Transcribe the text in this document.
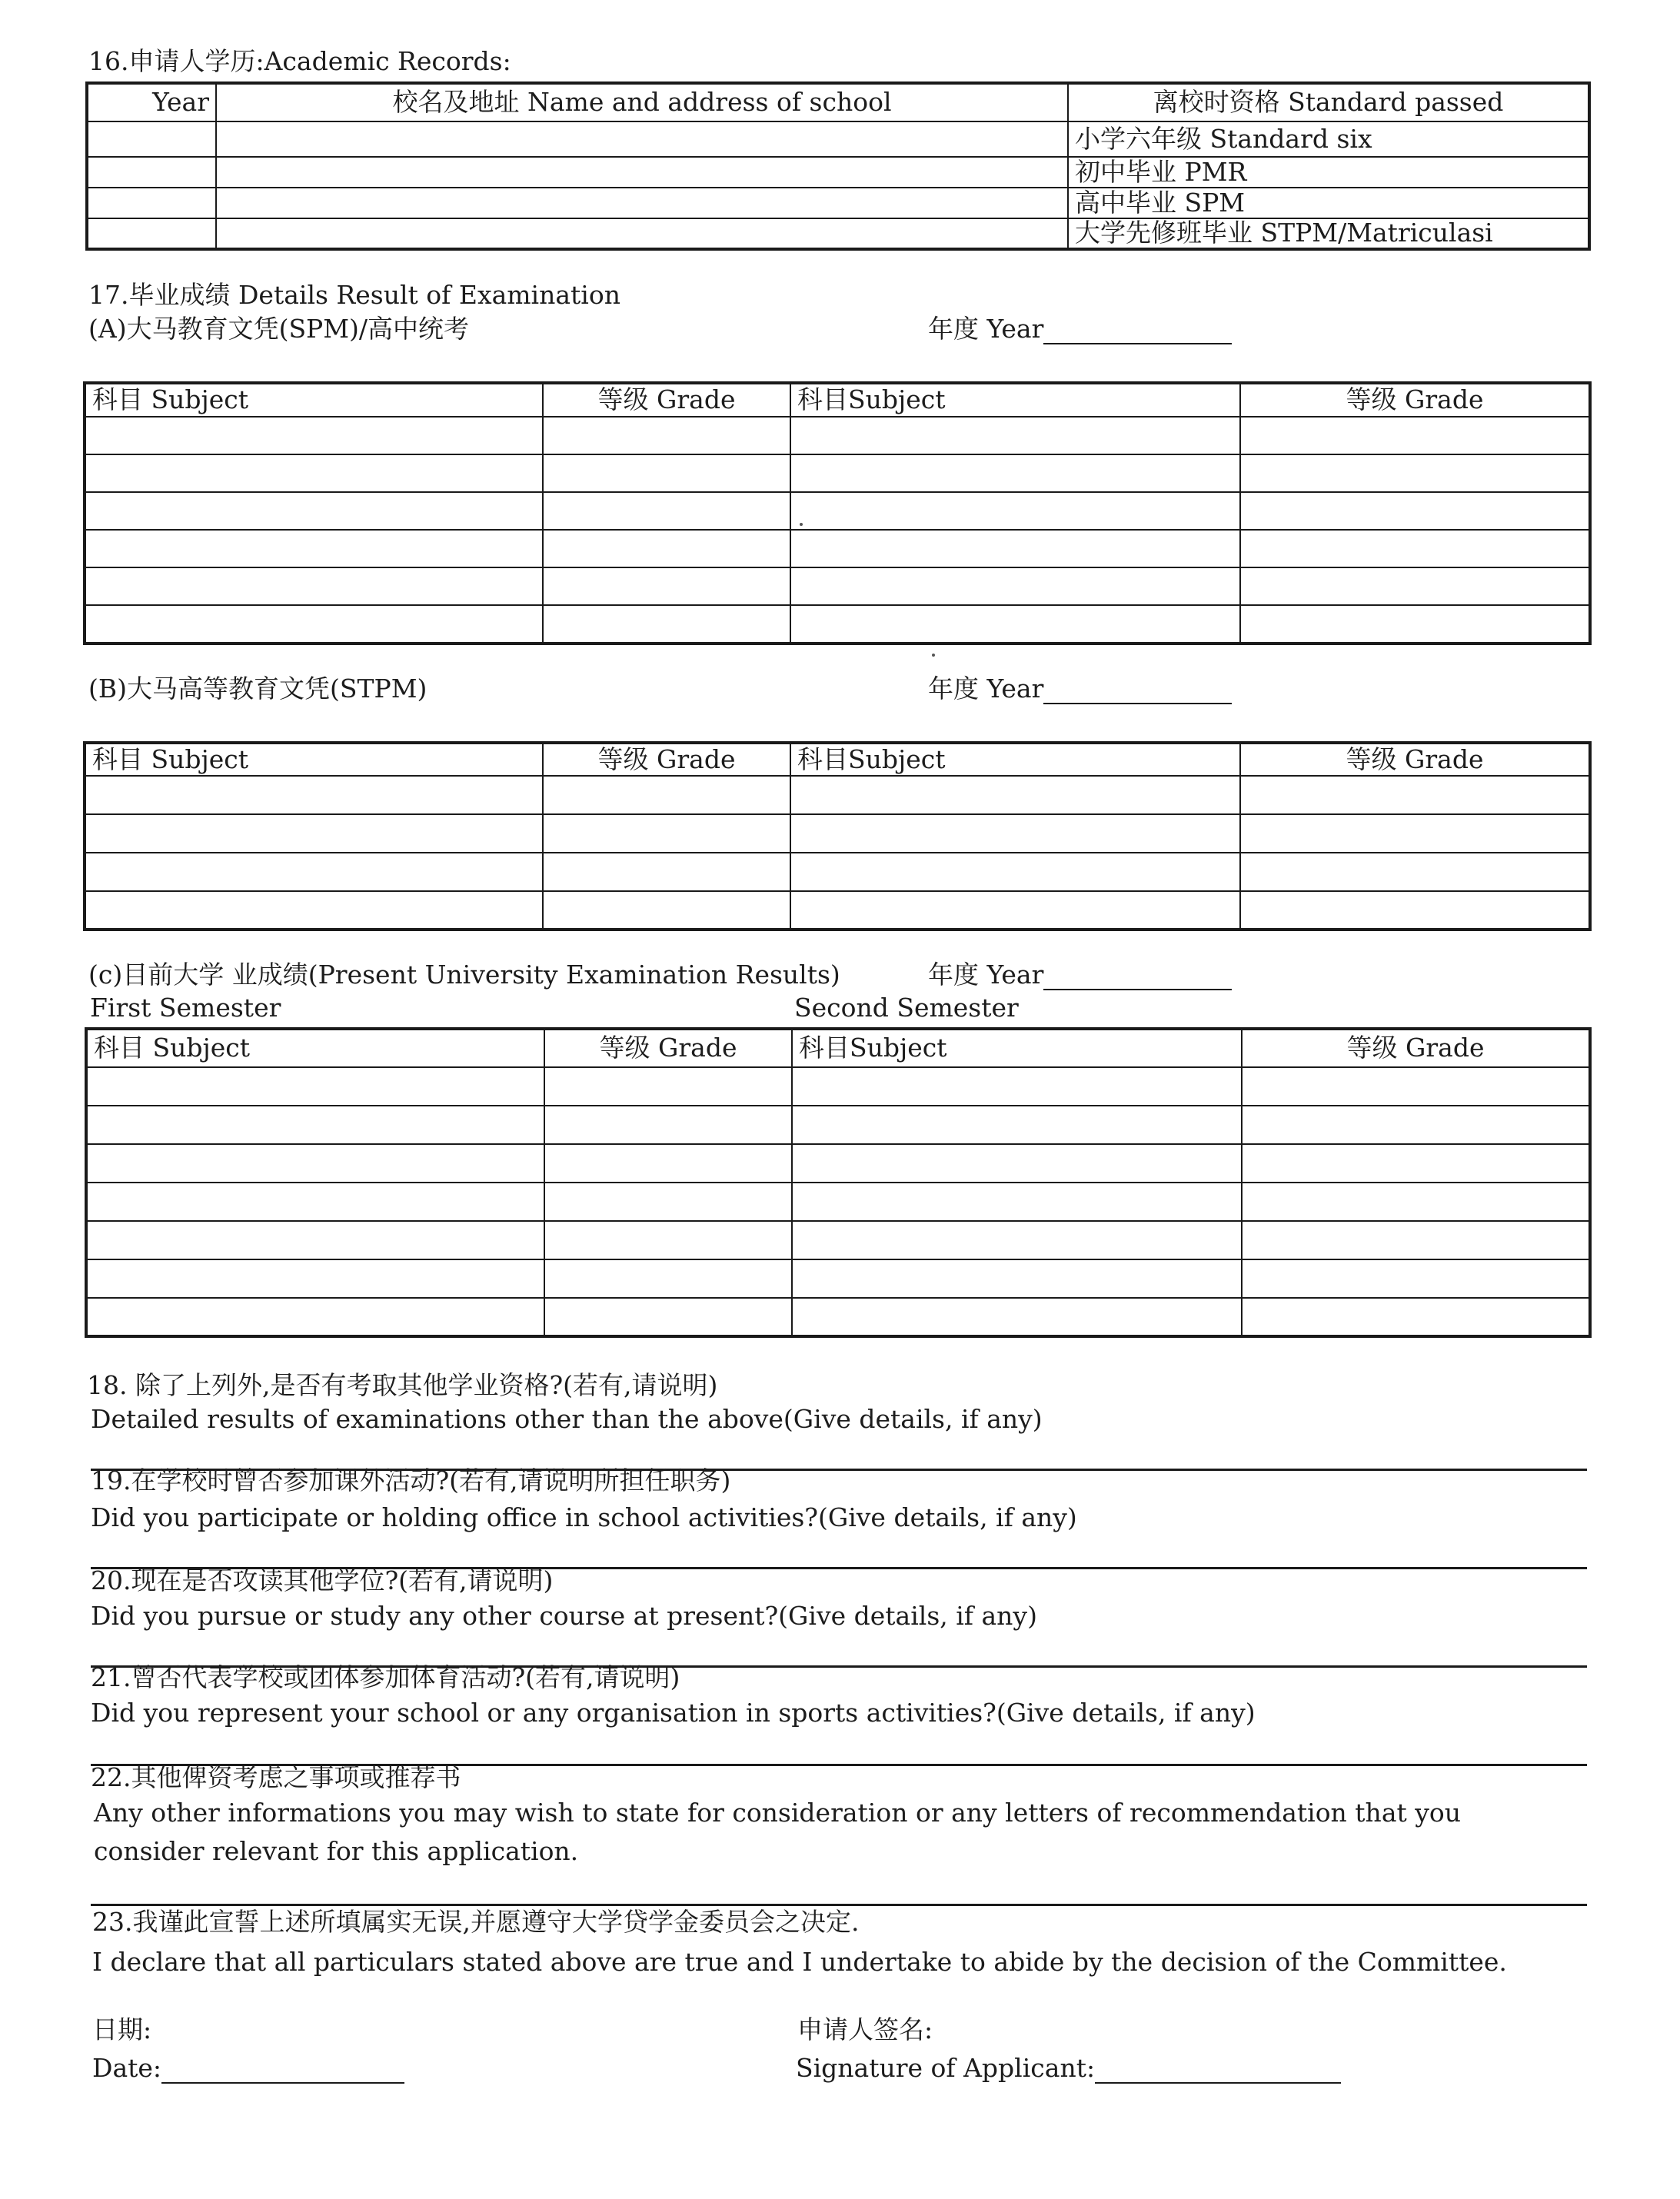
16.申请人学历:Academic Records:
Year	校名及地址 Name and address of school	离校时资格 Standard passed
		小学六年级 Standard six
		初中毕业 PMR
		高中毕业 SPM
		大学先修班毕业 STPM/Matriculasi
17.毕业成绩 Details Result of Examination
(A)大马教育文凭(SPM)/高中统考	年度 Year
科目 Subject	等级 Grade	科目Subject	等级 Grade

(B)大马高等教育文凭(STPM)	年度 Year
科目 Subject	等级 Grade	科目Subject	等级 Grade

(c)目前大学 业成绩(Present University Examination Results)	年度 Year
First Semester	Second Semester
科目 Subject	等级 Grade	科目Subject	等级 Grade

18. 除了上列外,是否有考取其他学业资格?(若有,请说明)
Detailed results of examinations other than the above(Give details, if any)
19.在学校时曾否参加课外活动?(若有,请说明所担任职务)
Did you participate or holding office in school activities?(Give details, if any)
20.现在是否攻读其他学位?(若有,请说明)
Did you pursue or study any other course at present?(Give details, if any)
21.曾否代表学校或团体参加体育活动?(若有,请说明)
Did you represent your school or any organisation in sports activities?(Give details, if any)
22.其他俾资考虑之事项或推荐书
Any other informations you may wish to state for consideration or any letters of recommendation that you
consider relevant for this application.
23.我谨此宣誓上述所填属实无误,并愿遵守大学贷学金委员会之决定.
I declare that all particulars stated above are true and I undertake to abide by the decision of the Committee.
日期:
Date:
申请人签名:
Signature of Applicant:
